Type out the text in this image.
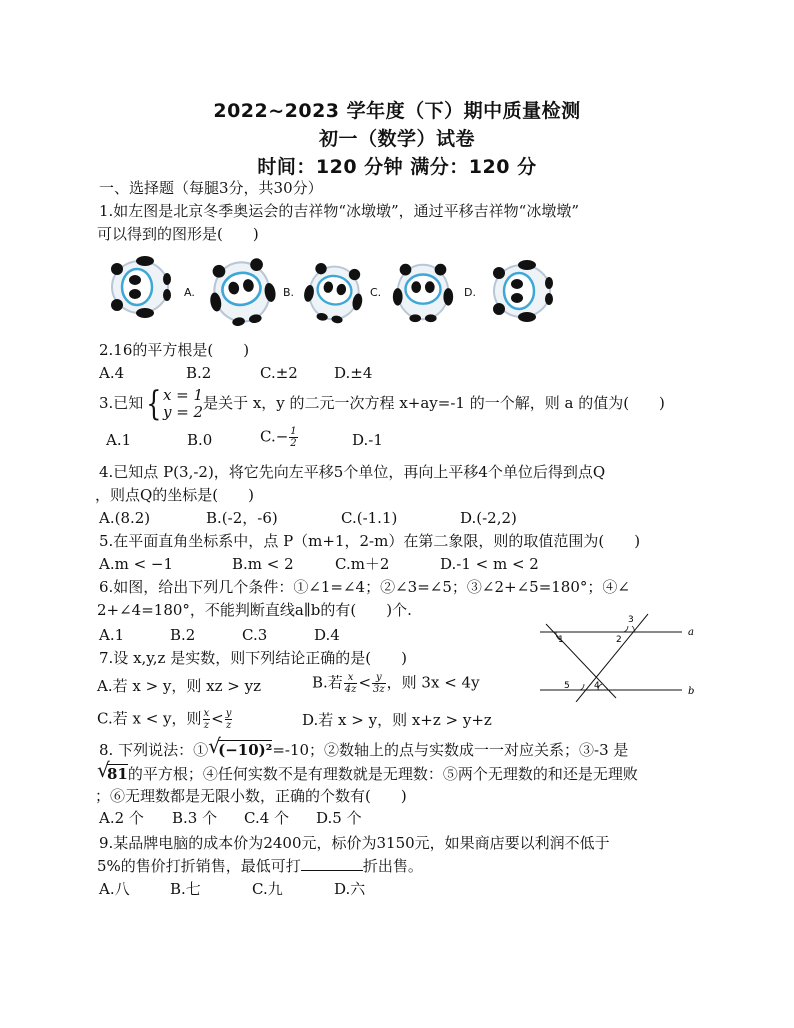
2022~2023 学年度（下）期中质量检测
初一（数学）试卷
时间：120 分钟 满分：120 分
一、选择题（每腿3分，共30分）
1.如左图是北京冬季奥运会的吉祥物“冰墩墩”，通过平移吉祥物“冰墩墩”
可以得到的图形是(　　)
A.	B.	C.	D.
2.16的平方根是(　　)
A.4	B.2	C.±2 D.±4
3.已知{ x = 1
y = 2 是关于 x，y 的二元一次方程 x+ay=-1 的一个解，则 a 的值为(　　)
A.1	B.0	$C.- \frac{1}{2}$	D.-1
4.已知点 P(3,-2)，将它先向左平移5个单位，再向上平移4个单位后得到点Q
，则点Q的坐标是(　　)
A.(8.2)	B.(-2，-6)	C.(-1.1)	D.(-2,2)
5.在平面直角坐标系中，点 P（m+1，2-m）在第二象限，则的取值范围为(　　)
A.m < −1	B.m < 2	C.m＋2	D.-1 < m < 2
6.如图，给出下列几个条件：①∠1=∠4；②∠3=∠5；③∠2+∠5=180°；④∠
2+∠4=180°，不能判断直线a∥b的有(　　)个.
A.1	B.2	C.3	D.4	1	2
3
4
5
a
b
7.设 x,y,z 是实数，则下列结论正确的是(　　)
A.若 x > y，则 xz > yz	B.若 $\frac{x}{4z} < \frac{y}{3z}$ ，则 3x < 4y
C.若 x < y，则 $\frac{x}{z} < \frac{y}{z}$	D.若 x > y，则 x+z > y+z
8. 下列说法：① √
(−10)²=-10；②数轴上的点与实数成一一对应关系；③-3 是
√
81的平方根；④任何实数不是有理数就是无理数：⑤两个无理数的和还是无理败
；⑥无理数都是无限小数，正确的个数有(　　)
A.2 个 B.3 个 C.4 个 D.5 个
9.某品牌电脑的成本价为2400元，标价为3150元，如果商店要以利润不低于
5%的售价打折销售，最低可打	折出售。
A.八	B.七	C.九	D.六
